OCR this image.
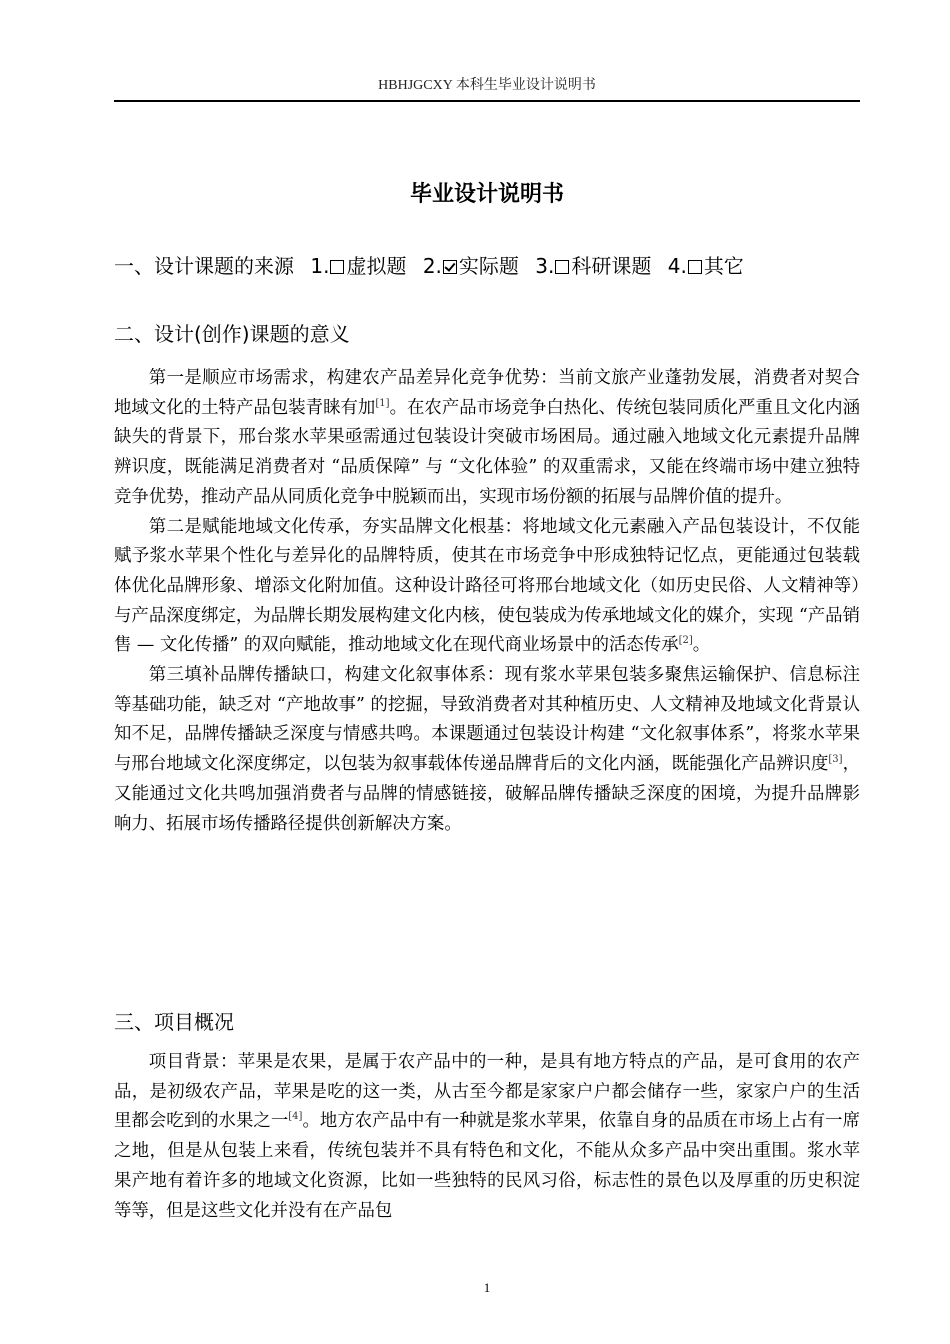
HBHJGCXY 本科生毕业设计说明书
毕业设计说明书
一、设计课题的来源 1. 虚拟题 2. 实际题 3. 科研课题 4. 其它
二、设计(创作)课题的意义

第一是顺应市场需求，构建农产品差异化竞争优势：当前文旅产业蓬勃发展，消费者对契合地域文化的土特产品包装青睐有加[1]。在农产品市场竞争白热化、传统包装同质化严重且文化内涵缺失的背景下，邢台浆水苹果亟需通过包装设计突破市场困局。通过融入地域文化元素提升品牌辨识度，既能满足消费者对 “品质保障” 与 “文化体验” 的双重需求，又能在终端市场中建立独特竞争优势，推动产品从同质化竞争中脱颖而出，实现市场份额的拓展与品牌价值的提升。

第二是赋能地域文化传承，夯实品牌文化根基：将地域文化元素融入产品包装设计，不仅能赋予浆水苹果个性化与差异化的品牌特质，使其在市场竞争中形成独特记忆点，更能通过包装载体优化品牌形象、增添文化附加值。这种设计路径可将邢台地域文化（如历史民俗、人文精神等）与产品深度绑定，为品牌长期发展构建文化内核，使包装成为传承地域文化的媒介，实现 “产品销售 — 文化传播” 的双向赋能，推动地域文化在现代商业场景中的活态传承[2]。

第三填补品牌传播缺口，构建文化叙事体系：现有浆水苹果包装多聚焦运输保护、信息标注等基础功能，缺乏对 “产地故事” 的挖掘，导致消费者对其种植历史、人文精神及地域文化背景认知不足，品牌传播缺乏深度与情感共鸣。本课题通过包装设计构建 “文化叙事体系”，将浆水苹果与邢台地域文化深度绑定，以包装为叙事载体传递品牌背后的文化内涵，既能强化产品辨识度[3]，又能通过文化共鸣加强消费者与品牌的情感链接，破解品牌传播缺乏深度的困境，为提升品牌影响力、拓展市场传播路径提供创新解决方案。

三、项目概况

项目背景：苹果是农果，是属于农产品中的一种，是具有地方特点的产品，是可食用的农产品，是初级农产品，苹果是吃的这一类，从古至今都是家家户户都会储存一些，家家户户的生活里都会吃到的水果之一[4]。地方农产品中有一种就是浆水苹果，依靠自身的品质在市场上占有一席之地，但是从包装上来看，传统包装并不具有特色和文化，不能从众多产品中突出重围。浆水苹果产地有着许多的地域文化资源，比如一些独特的民风习俗，标志性的景色以及厚重的历史积淀等等，但是这些文化并没有在产品包

1
